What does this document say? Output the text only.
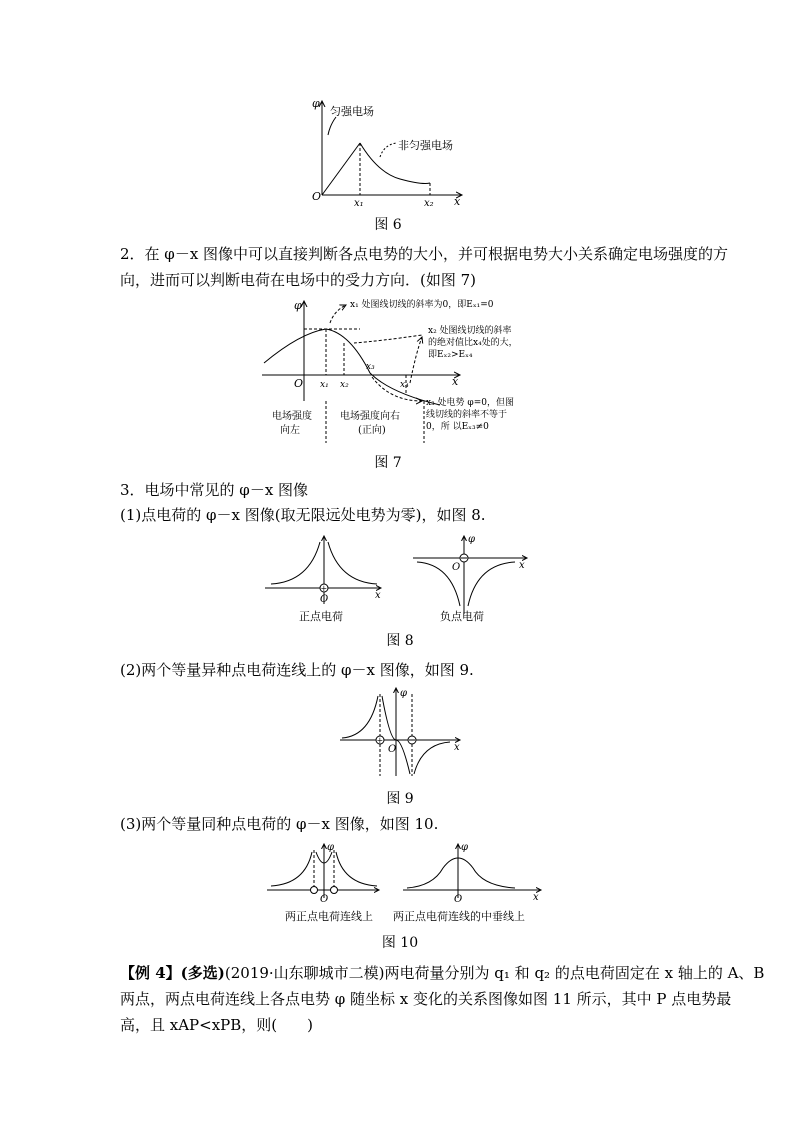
φ
x
O
x₁	x₂
匀强电场
非匀强电场
图 6
2．在 φ－x 图像中可以直接判断各点电势的大小，并可根据电势大小关系确定电场强度的方
向，进而可以判断电荷在电场中的受力方向．(如图 7)
φ
x
O x₁ x₂
x₃
x₄
x₁ 处图线切线的斜率为0，即Eₓ₁=0
x₂ 处图线切线的斜率
的绝对值比x₄处的大，
即Eₓ₂>Eₓ₄
x₃ 处电势 φ=0，但图
线切线的斜率不等于
0，所 以Eₓ₃≠0
电场强度
向左
电场强度向右
(正向)
图 7
3．电场中常见的 φ－x 图像
(1)点电荷的 φ－x 图像(取无限远处电势为零)，如图 8.
+
O	x
正点电荷
φ
O	x
负点电荷
图 8
(2)两个等量异种点电荷连线上的 φ－x 图像，如图 9.
φ
x
O
+
图 9
(3)两个等量同种点电荷的 φ－x 图像，如图 10.
φ
O
两正点电荷连线上
φ
O	x
两正点电荷连线的中垂线上
图 10
【例 4】(多选)(2019·山东聊城市二模)两电荷量分别为 q₁ 和 q₂ 的点电荷固定在 x 轴上的 A、B
两点，两点电荷连线上各点电势 φ 随坐标 x 变化的关系图像如图 11 所示，其中 P 点电势最
高，且 xAP<xPB，则(　　)
